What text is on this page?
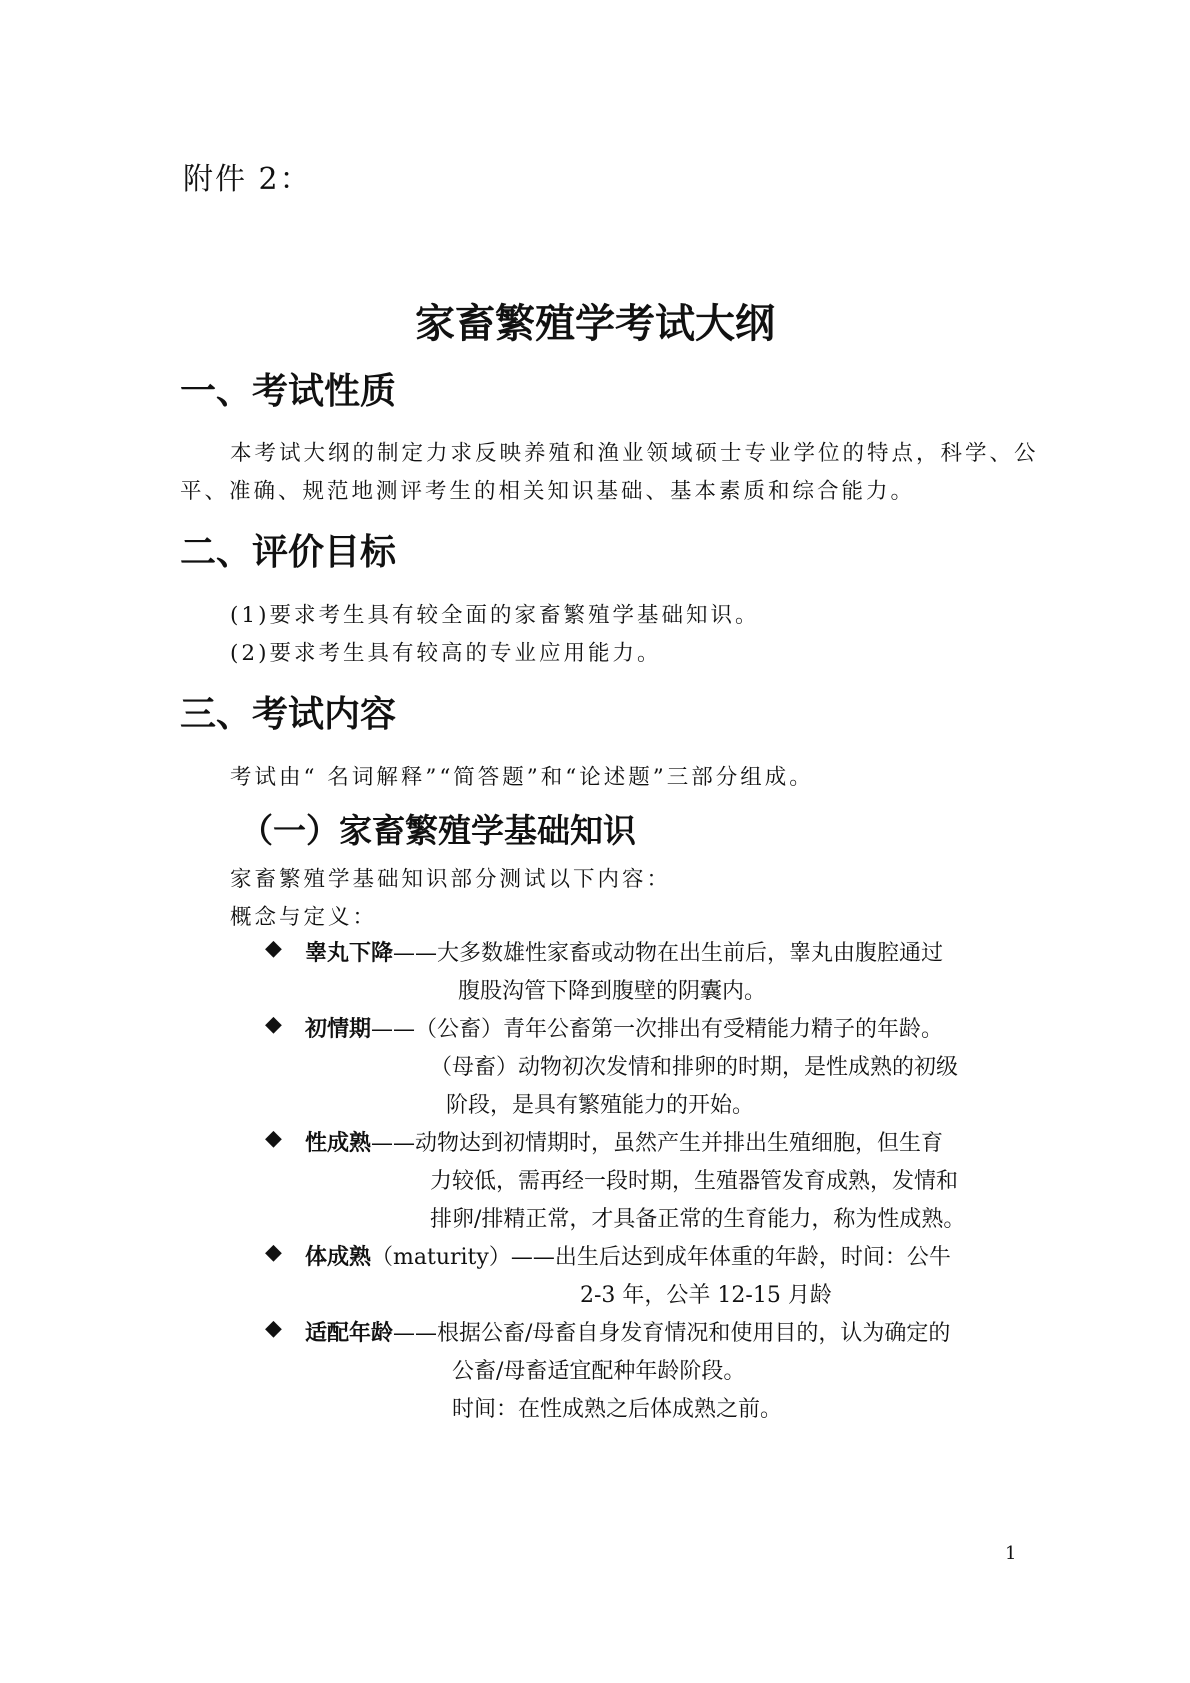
附件 2：
家畜繁殖学考试大纲
一、考试性质
本考试大纲的制定力求反映养殖和渔业领域硕士专业学位的特点，科学、公
平、准确、规范地测评考生的相关知识基础、基本素质和综合能力。
二、评价目标
(1)要求考生具有较全面的家畜繁殖学基础知识。
(2)要求考生具有较高的专业应用能力。
三、考试内容
考试由“ 名词解释”“简答题”和“论述题”三部分组成。
（一）家畜繁殖学基础知识
家畜繁殖学基础知识部分测试以下内容：
概念与定义：
◆ 睾丸下降——大多数雄性家畜或动物在出生前后，睾丸由腹腔通过
腹股沟管下降到腹壁的阴囊内。
◆ 初情期——（公畜）青年公畜第一次排出有受精能力精子的年龄。
（母畜）动物初次发情和排卵的时期，是性成熟的初级
阶段，是具有繁殖能力的开始。
◆ 性成熟——动物达到初情期时，虽然产生并排出生殖细胞，但生育
力较低，需再经一段时期，生殖器管发育成熟，发情和
排卵/排精正常，才具备正常的生育能力，称为性成熟。
◆ 体成熟（maturity）——出生后达到成年体重的年龄，时间：公牛
2-3 年，公羊 12-15 月龄
◆ 适配年龄——根据公畜/母畜自身发育情况和使用目的，认为确定的
公畜/母畜适宜配种年龄阶段。
时间：在性成熟之后体成熟之前。
1
